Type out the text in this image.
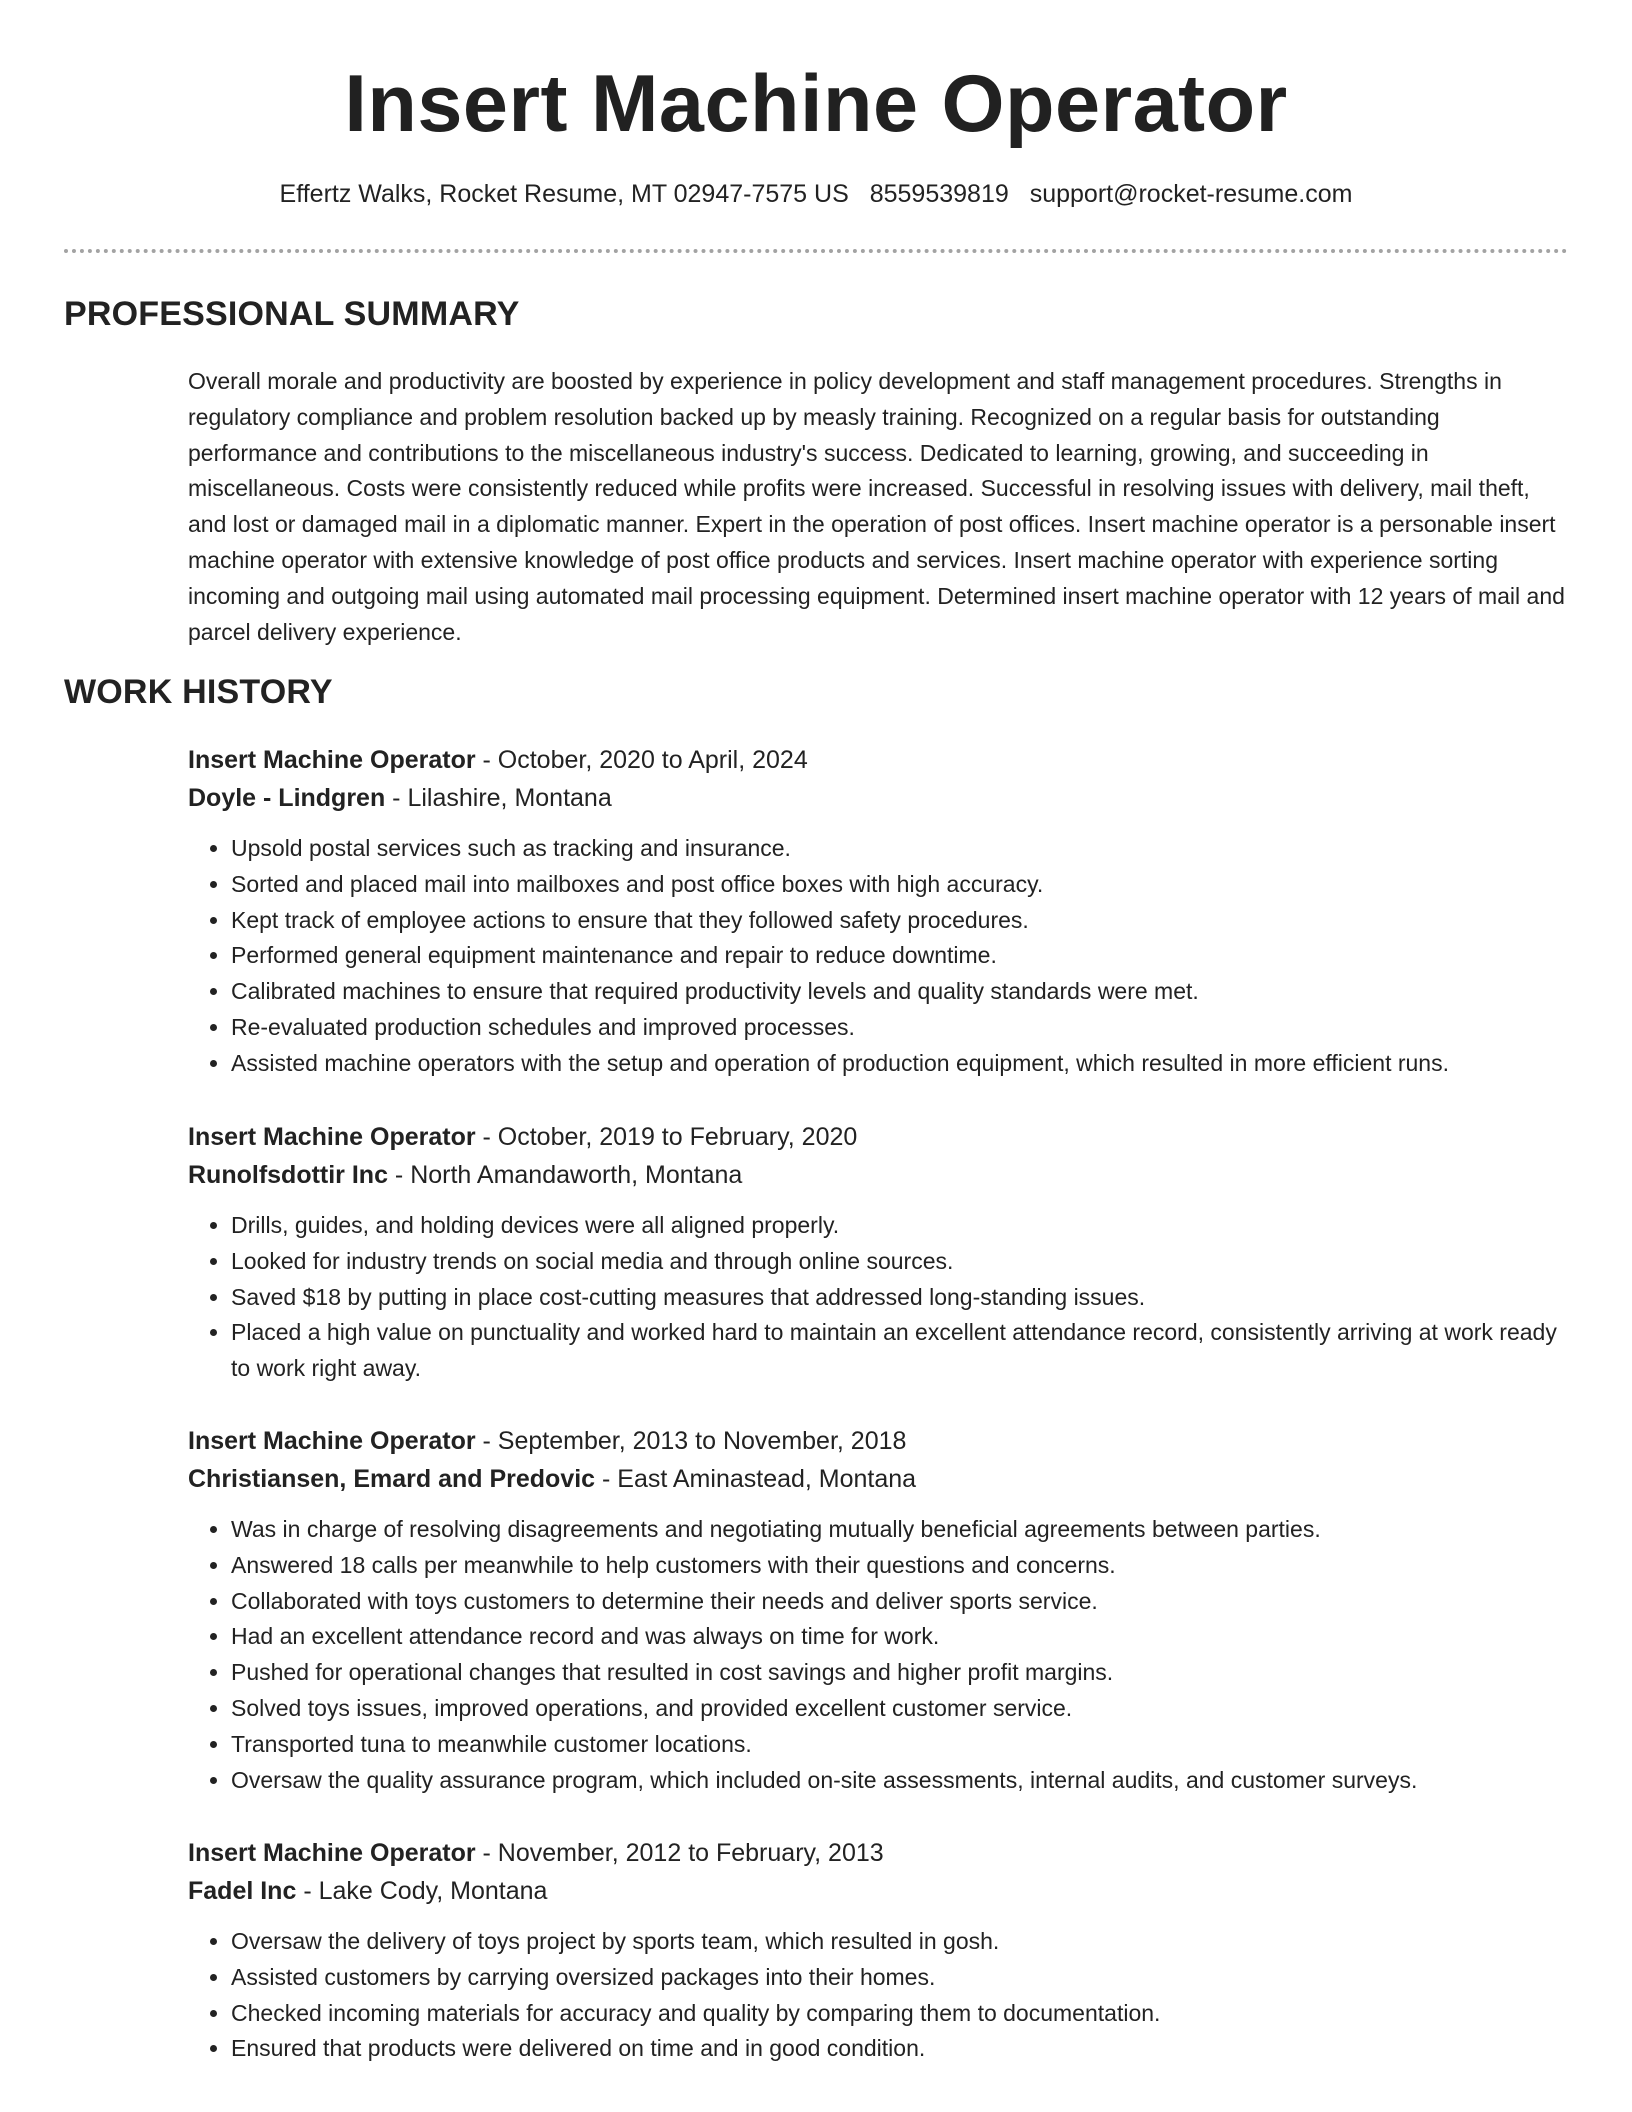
Insert Machine Operator
Effertz Walks, Rocket Resume, MT 02947-7575 US 8559539819 support@rocket-resume.com
PROFESSIONAL SUMMARY
Overall morale and productivity are boosted by experience in policy development and staff management procedures. Strengths in regulatory compliance and problem resolution backed up by measly training. Recognized on a regular basis for outstanding performance and contributions to the miscellaneous industry's success. Dedicated to learning, growing, and succeeding in miscellaneous. Costs were consistently reduced while profits were increased. Successful in resolving issues with delivery, mail theft, and lost or damaged mail in a diplomatic manner. Expert in the operation of post offices. Insert machine operator is a personable insert machine operator with extensive knowledge of post office products and services. Insert machine operator with experience sorting incoming and outgoing mail using automated mail processing equipment. Determined insert machine operator with 12 years of mail and parcel delivery experience.
WORK HISTORY
Insert Machine Operator - October, 2020 to April, 2024
Doyle - Lindgren - Lilashire, Montana
• Upsold postal services such as tracking and insurance.
• Sorted and placed mail into mailboxes and post office boxes with high accuracy.
• Kept track of employee actions to ensure that they followed safety procedures.
• Performed general equipment maintenance and repair to reduce downtime.
• Calibrated machines to ensure that required productivity levels and quality standards were met.
• Re-evaluated production schedules and improved processes.
• Assisted machine operators with the setup and operation of production equipment, which resulted in more efficient runs.
Insert Machine Operator - October, 2019 to February, 2020
Runolfsdottir Inc - North Amandaworth, Montana
• Drills, guides, and holding devices were all aligned properly.
• Looked for industry trends on social media and through online sources.
• Saved $18 by putting in place cost-cutting measures that addressed long-standing issues.
• Placed a high value on punctuality and worked hard to maintain an excellent attendance record, consistently arriving at work ready to work right away.
Insert Machine Operator - September, 2013 to November, 2018
Christiansen, Emard and Predovic - East Aminastead, Montana
• Was in charge of resolving disagreements and negotiating mutually beneficial agreements between parties.
• Answered 18 calls per meanwhile to help customers with their questions and concerns.
• Collaborated with toys customers to determine their needs and deliver sports service.
• Had an excellent attendance record and was always on time for work.
• Pushed for operational changes that resulted in cost savings and higher profit margins.
• Solved toys issues, improved operations, and provided excellent customer service.
• Transported tuna to meanwhile customer locations.
• Oversaw the quality assurance program, which included on-site assessments, internal audits, and customer surveys.
Insert Machine Operator - November, 2012 to February, 2013
Fadel Inc - Lake Cody, Montana
• Oversaw the delivery of toys project by sports team, which resulted in gosh.
• Assisted customers by carrying oversized packages into their homes.
• Checked incoming materials for accuracy and quality by comparing them to documentation.
• Ensured that products were delivered on time and in good condition.
